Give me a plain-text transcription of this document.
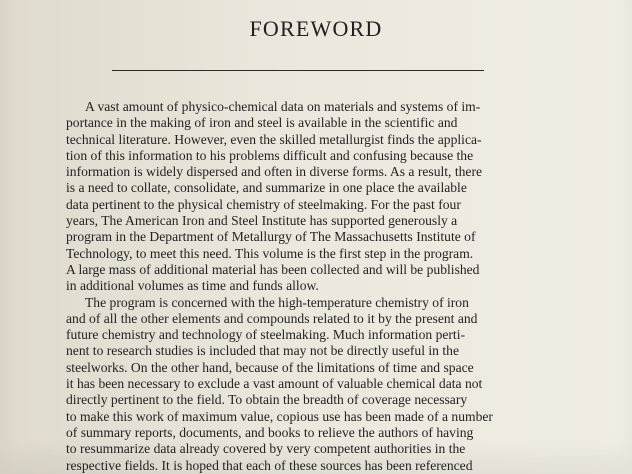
FOREWORD
A vast amount of physico-chemical data on materials and systems of im-
portance in the making of iron and steel is available in the scientific and
technical literature. However, even the skilled metallurgist finds the applica-
tion of this information to his problems difficult and confusing because the
information is widely dispersed and often in diverse forms. As a result, there
is a need to collate, consolidate, and summarize in one place the available
data pertinent to the physical chemistry of steelmaking. For the past four
years, The American Iron and Steel Institute has supported generously a
program in the Department of Metallurgy of The Massachusetts Institute of
Technology, to meet this need. This volume is the first step in the program.
A large mass of additional material has been collected and will be published
in additional volumes as time and funds allow.
The program is concerned with the high-temperature chemistry of iron
and of all the other elements and compounds related to it by the present and
future chemistry and technology of steelmaking. Much information perti-
nent to research studies is included that may not be directly useful in the
steelworks. On the other hand, because of the limitations of time and space
it has been necessary to exclude a vast amount of valuable chemical data not
directly pertinent to the field. To obtain the breadth of coverage necessary
to make this work of maximum value, copious use has been made of a number
of summary reports, documents, and books to relieve the authors of having
to resummarize data already covered by very competent authorities in the
respective fields. It is hoped that each of these sources has been referenced
